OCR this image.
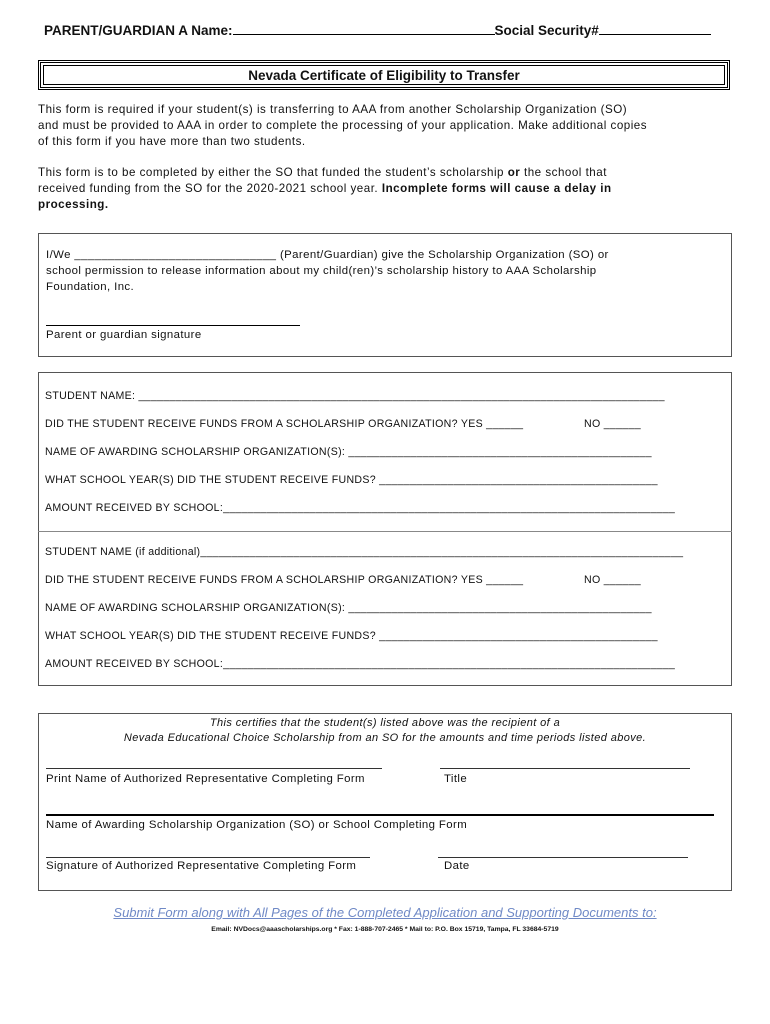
PARENT/GUARDIAN A Name:	Social Security#
Nevada Certificate of Eligibility to Transfer
This form is required if your student(s) is transferring to AAA from another Scholarship Organization (SO)
and must be provided to AAA in order to complete the processing of your application. Make additional copies
of this form if you have more than two students.
This form is to be completed by either the SO that funded the student’s scholarship or the school that
received funding from the SO for the 2020-2021 school year. Incomplete forms will cause a delay in
processing.
I/We ______________________________ (Parent/Guardian) give the Scholarship Organization (SO) or
school permission to release information about my child(ren)’s scholarship history to AAA Scholarship
Foundation, Inc.
Parent or guardian signature
STUDENT NAME: _____________________________________________________________________________________
DID THE STUDENT RECEIVE FUNDS FROM A SCHOLARSHIP ORGANIZATION? YES ______	NO ______
NAME OF AWARDING SCHOLARSHIP ORGANIZATION(S): _________________________________________________
WHAT SCHOOL YEAR(S) DID THE STUDENT RECEIVE FUNDS? _____________________________________________
AMOUNT RECEIVED BY SCHOOL:_________________________________________________________________________
STUDENT NAME (if additional)______________________________________________________________________________
DID THE STUDENT RECEIVE FUNDS FROM A SCHOLARSHIP ORGANIZATION? YES ______	NO ______
NAME OF AWARDING SCHOLARSHIP ORGANIZATION(S): _________________________________________________
WHAT SCHOOL YEAR(S) DID THE STUDENT RECEIVE FUNDS? _____________________________________________
AMOUNT RECEIVED BY SCHOOL:_________________________________________________________________________
This certifies that the student(s) listed above was the recipient of a
Nevada Educational Choice Scholarship from an SO for the amounts and time periods listed above.
Print Name of Authorized Representative Completing Form	Title
Name of Awarding Scholarship Organization (SO) or School Completing Form
Signature of Authorized Representative Completing Form	Date
Submit Form along with All Pages of the Completed Application and Supporting Documents to:
Email: NVDocs@aaascholarships.org * Fax: 1-888-707-2465 * Mail to: P.O. Box 15719, Tampa, FL 33684-5719
